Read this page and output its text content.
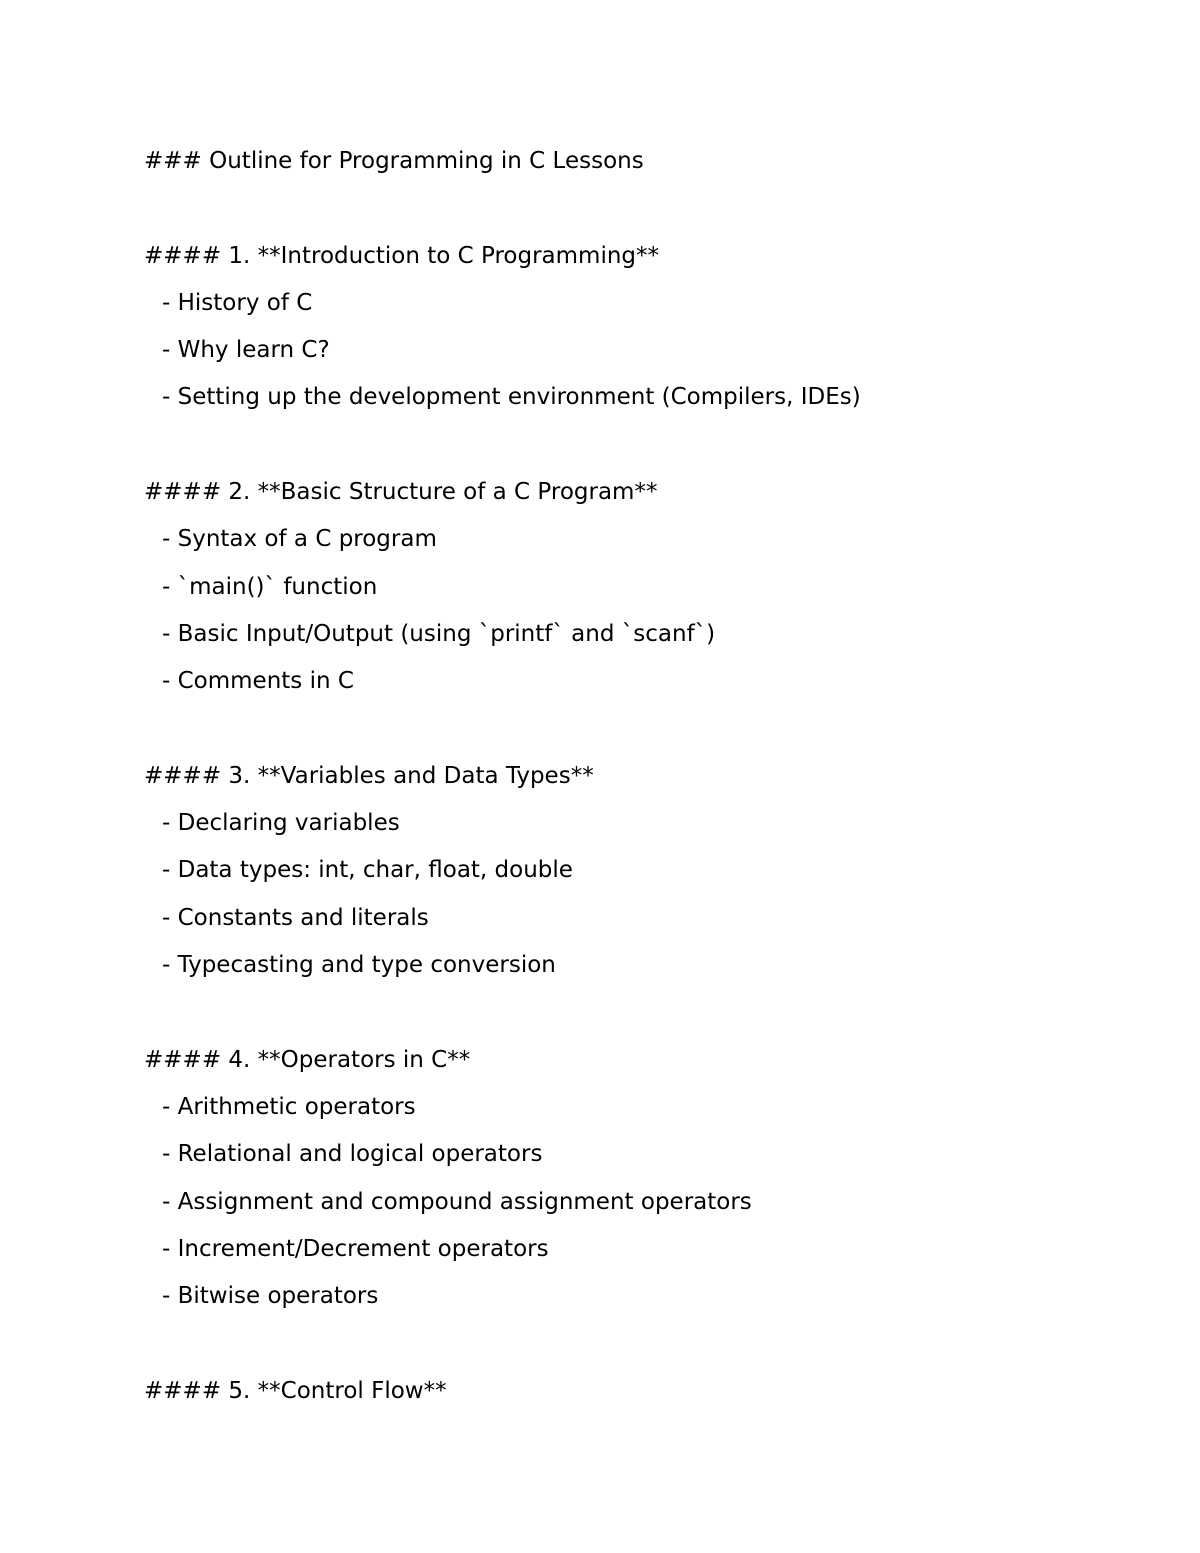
### Outline for Programming in C Lessons

#### 1. **Introduction to C Programming**

- History of C

- Why learn C?

- Setting up the development environment (Compilers, IDEs)

#### 2. **Basic Structure of a C Program**

- Syntax of a C program

- `main()` function

- Basic Input/Output (using `printf` and `scanf`)

- Comments in C

#### 3. **Variables and Data Types**

- Declaring variables

- Data types: int, char, float, double

- Constants and literals

- Typecasting and type conversion

#### 4. **Operators in C**

- Arithmetic operators

- Relational and logical operators

- Assignment and compound assignment operators

- Increment/Decrement operators

- Bitwise operators

#### 5. **Control Flow**
